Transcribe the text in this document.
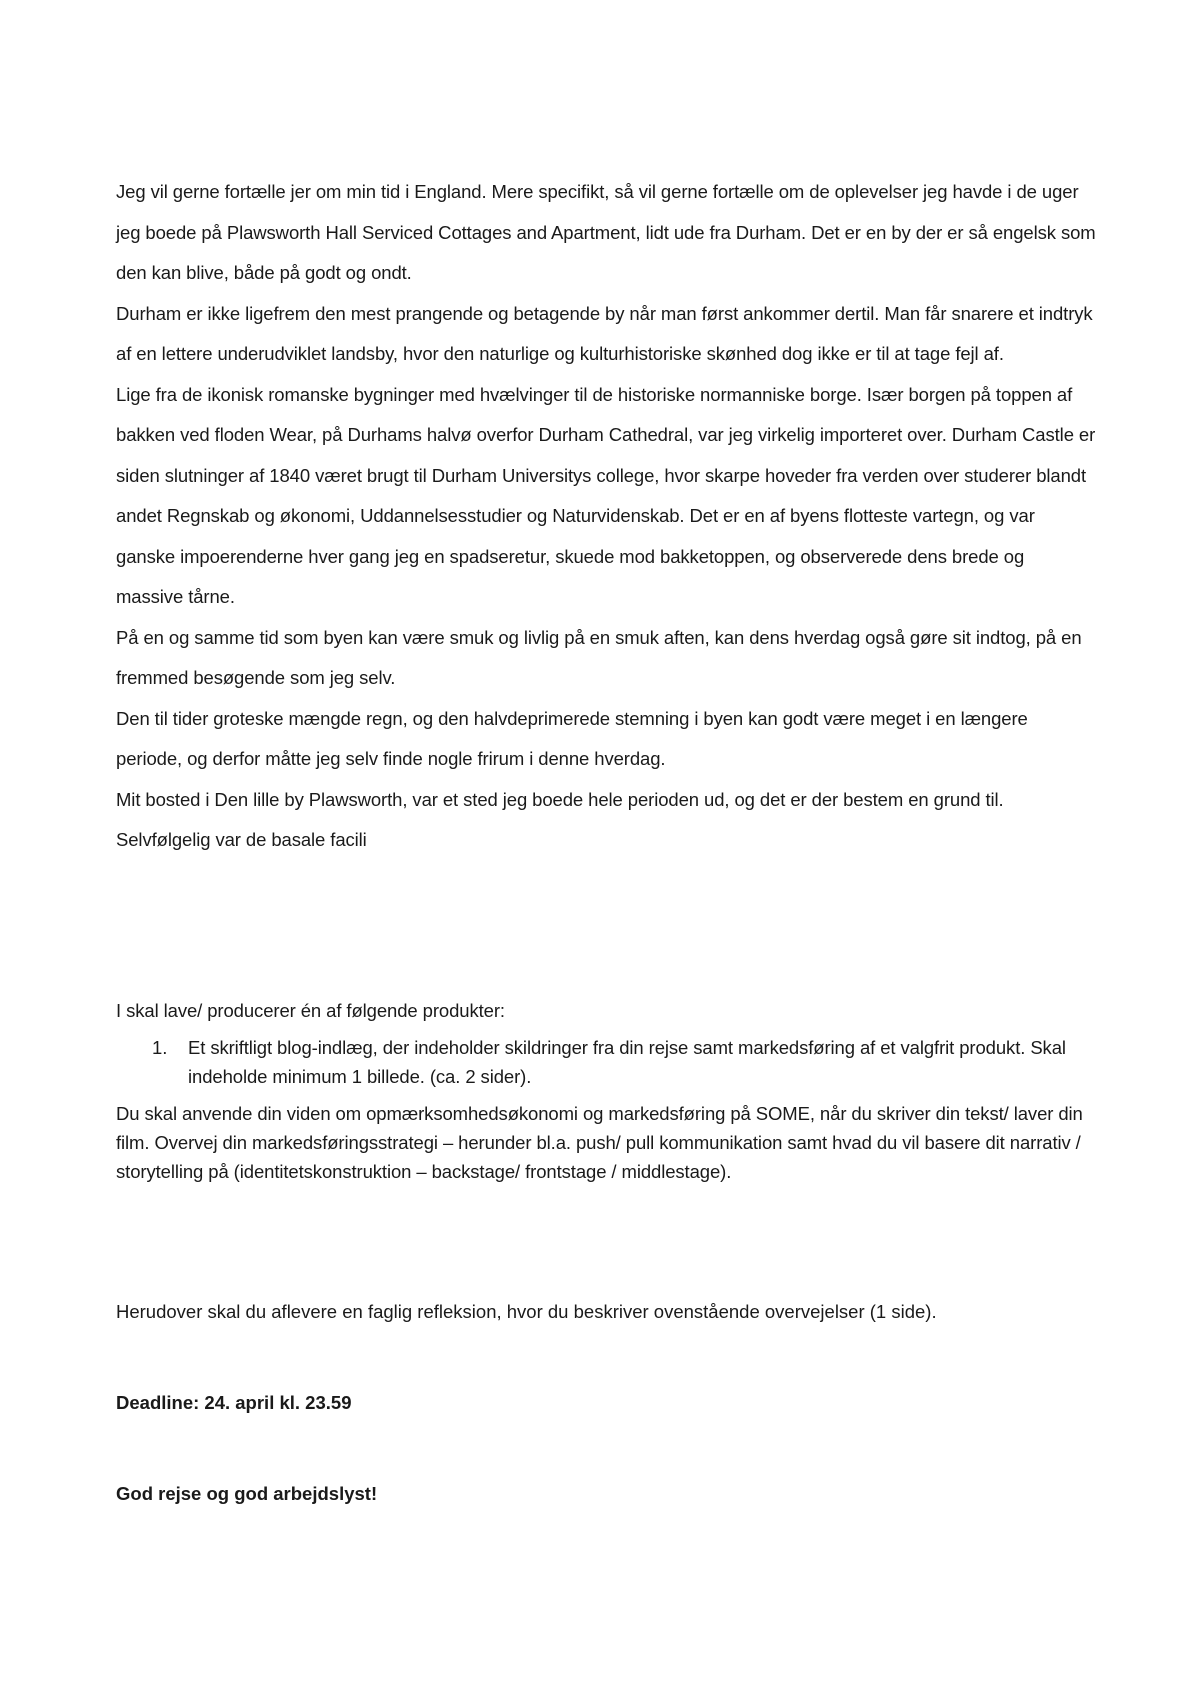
Jeg vil gerne fortælle jer om min tid i England. Mere specifikt, så vil gerne fortælle om de oplevelser jeg havde i de uger jeg boede på Plawsworth Hall Serviced Cottages and Apartment, lidt ude fra Durham. Det er en by der er så engelsk som den kan blive, både på godt og ondt.

Durham er ikke ligefrem den mest prangende og betagende by når man først ankommer dertil. Man får snarere et indtryk af en lettere underudviklet landsby, hvor den naturlige og kulturhistoriske skønhed dog ikke er til at tage fejl af.

Lige fra de ikonisk romanske bygninger med hvælvinger til de historiske normanniske borge. Især borgen på toppen af bakken ved floden Wear, på Durhams halvø overfor Durham Cathedral, var jeg virkelig importeret over. Durham Castle er siden slutninger af 1840 været brugt til Durham Universitys college, hvor skarpe hoveder fra verden over studerer blandt andet Regnskab og økonomi, Uddannelsesstudier og Naturvidenskab. Det er en af byens flotteste vartegn, og var ganske impoerenderne hver gang jeg en spadseretur, skuede mod bakketoppen, og observerede dens brede og massive tårne.

På en og samme tid som byen kan være smuk og livlig på en smuk aften, kan dens hverdag også gøre sit indtog, på en fremmed besøgende som jeg selv.

Den til tider groteske mængde regn, og den halvdeprimerede stemning i byen kan godt være meget i en længere periode, og derfor måtte jeg selv finde nogle frirum i denne hverdag.

Mit bosted i Den lille by Plawsworth, var et sted jeg boede hele perioden ud, og det er der bestem en grund til. Selvfølgelig var de basale facili

I skal lave/ producerer én af følgende produkter:

1. Et skriftligt blog-indlæg, der indeholder skildringer fra din rejse samt markedsføring af et valgfrit produkt. Skal indeholde minimum 1 billede. (ca. 2 sider).

Du skal anvende din viden om opmærksomhedsøkonomi og markedsføring på SOME, når du skriver din tekst/ laver din film. Overvej din markedsføringsstrategi – herunder bl.a. push/ pull kommunikation samt hvad du vil basere dit narrativ / storytelling på (identitetskonstruktion – backstage/ frontstage / middlestage).

Herudover skal du aflevere en faglig refleksion, hvor du beskriver ovenstående overvejelser (1 side).

Deadline: 24. april kl. 23.59

God rejse og god arbejdslyst!
